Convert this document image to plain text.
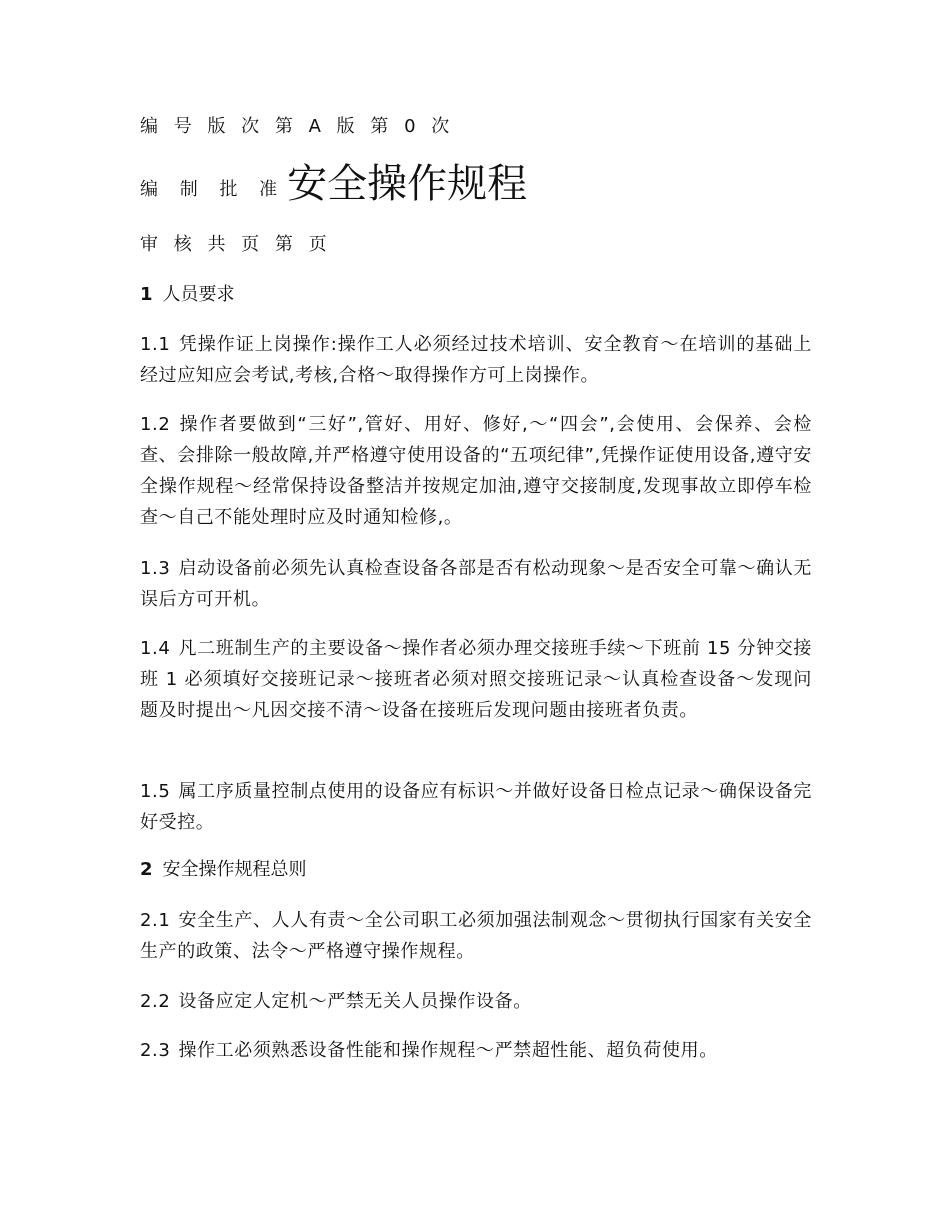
编 号 版 次 第 A 版 第 0 次
编 制 批 准 安全操作规程
审 核 共 页 第 页
1 人员要求
1.1 凭操作证上岗操作:操作工人必须经过技术培训、安全教育～在培训的基础上经过应知应会考试,考核,合格～取得操作方可上岗操作。
1.2 操作者要做到“三好”,管好、用好、修好,～“四会”,会使用、会保养、会检查、会排除一般故障,并严格遵守使用设备的“五项纪律”,凭操作证使用设备,遵守安全操作规程～经常保持设备整洁并按规定加油,遵守交接制度,发现事故立即停车检查～自己不能处理时应及时通知检修,。
1.3 启动设备前必须先认真检查设备各部是否有松动现象～是否安全可靠～确认无误后方可开机。
1.4 凡二班制生产的主要设备～操作者必须办理交接班手续～下班前 15 分钟交接班 1 必须填好交接班记录～接班者必须对照交接班记录～认真检查设备～发现问题及时提出～凡因交接不清～设备在接班后发现问题由接班者负责。
1.5 属工序质量控制点使用的设备应有标识～并做好设备日检点记录～确保设备完好受控。
2 安全操作规程总则
2.1 安全生产、人人有责～全公司职工必须加强法制观念～贯彻执行国家有关安全生产的政策、法令～严格遵守操作规程。
2.2 设备应定人定机～严禁无关人员操作设备。
2.3 操作工必须熟悉设备性能和操作规程～严禁超性能、超负荷使用。
